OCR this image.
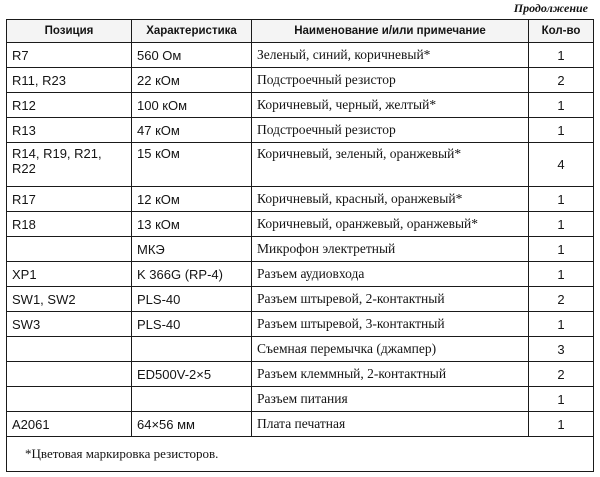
Продолжение
Позиция	Характеристика	Наименование и/или примечание	Кол-во
R7	560 Ом	Зеленый, синий, коричневый*	1
R11, R23	22 кОм	Подстроечный резистор	2
R12	100 кОм	Коричневый, черный, желтый*	1
R13	47 кОм	Подстроечный резистор	1
R14, R19, R21, R22	15 кОм	Коричневый, зеленый, оранжевый*	4
R17	12 кОм	Коричневый, красный, оранжевый*	1
R18	13 кОм	Коричневый, оранжевый, оранжевый*	1
	МКЭ	Микрофон электретный	1
XP1	K 366G (RP-4)	Разъем аудиовхода	1
SW1, SW2	PLS-40	Разъем штыревой, 2-контактный	2
SW3	PLS-40	Разъем штыревой, 3-контактный	1
		Съемная перемычка (джампер)	3
	ED500V-2×5	Разъем клеммный, 2-контактный	2
		Разъем питания	1
A2061	64×56 мм	Плата печатная	1
*Цветовая маркировка резисторов.			
